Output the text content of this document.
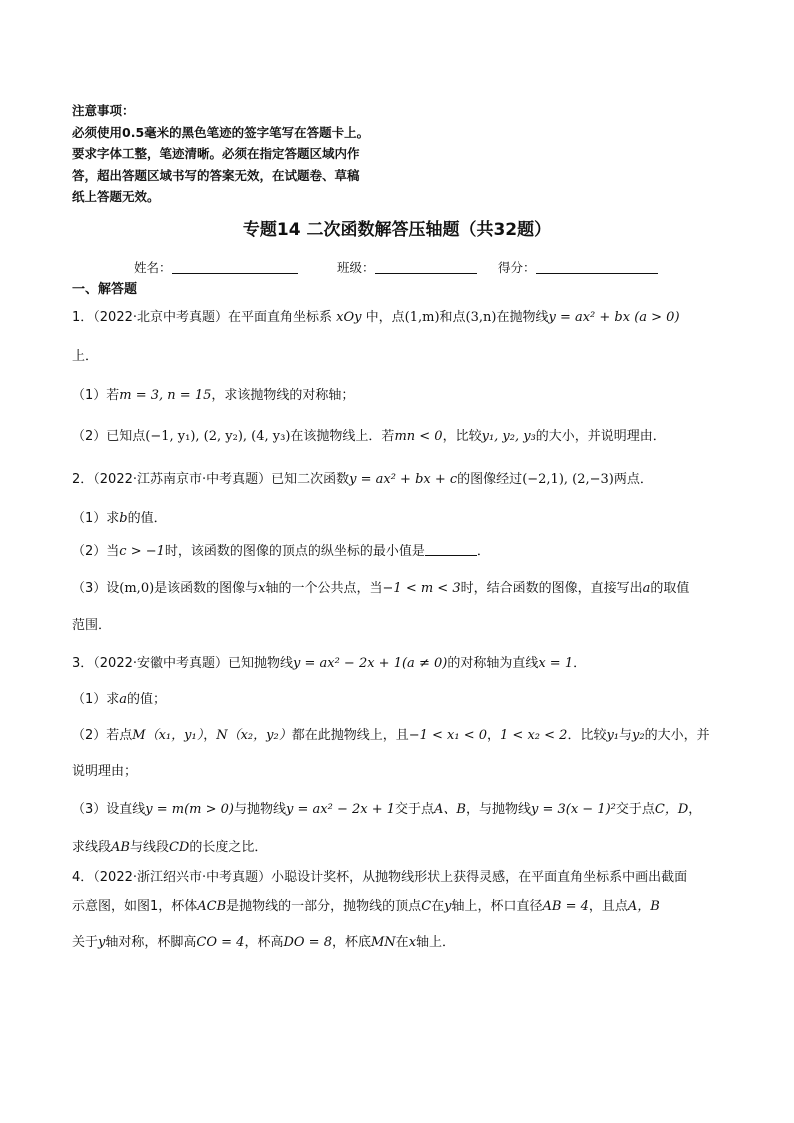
注意事项：
必须使用0.5毫米的黑色笔迹的签字笔写在答题卡上。
要求字体工整，笔迹清晰。必须在指定答题区域内作
答，超出答题区域书写的答案无效，在试题卷、草稿
纸上答题无效。
专题14 二次函数解答压轴题（共32题）
姓名：	班级：	得分：
一、解答题
1．（2022·北京中考真题）在平面直角坐标系 xOy 中，点(1,m)和点(3,n)在抛物线y = ax² + bx (a > 0)
上．
（1）若m = 3, n = 15，求该抛物线的对称轴；
（2）已知点(−1, y₁), (2, y₂), (4, y₃)在该抛物线上．若mn < 0，比较y₁, y₂, y₃的大小，并说明理由．
2．（2022·江苏南京市·中考真题）已知二次函数y = ax² + bx + c的图像经过(−2,1), (2,−3)两点．
（1）求b的值．
（2）当c > −1时，该函数的图像的顶点的纵坐标的最小值是	．
（3）设(m,0)是该函数的图像与x轴的一个公共点，当−1 < m < 3时，结合函数的图像，直接写出a的取值
范围．
3．（2022·安徽中考真题）已知抛物线y = ax² − 2x + 1(a ≠ 0)的对称轴为直线x = 1．
（1）求a的值；
（2）若点M（x₁，y₁），N（x₂，y₂）都在此抛物线上，且−1 < x₁ < 0，1 < x₂ < 2．比较y₁与y₂的大小，并
说明理由；
（3）设直线y = m(m > 0)与抛物线y = ax² − 2x + 1交于点A、B，与抛物线y = 3(x − 1)²交于点C，D，
求线段AB与线段CD的长度之比．
4．（2022·浙江绍兴市·中考真题）小聪设计奖杯，从抛物线形状上获得灵感，在平面直角坐标系中画出截面
示意图，如图1，杯体ACB是抛物线的一部分，抛物线的顶点C在y轴上，杯口直径AB = 4，且点A，B
关于y轴对称，杯脚高CO = 4，杯高DO = 8，杯底MN在x轴上．
